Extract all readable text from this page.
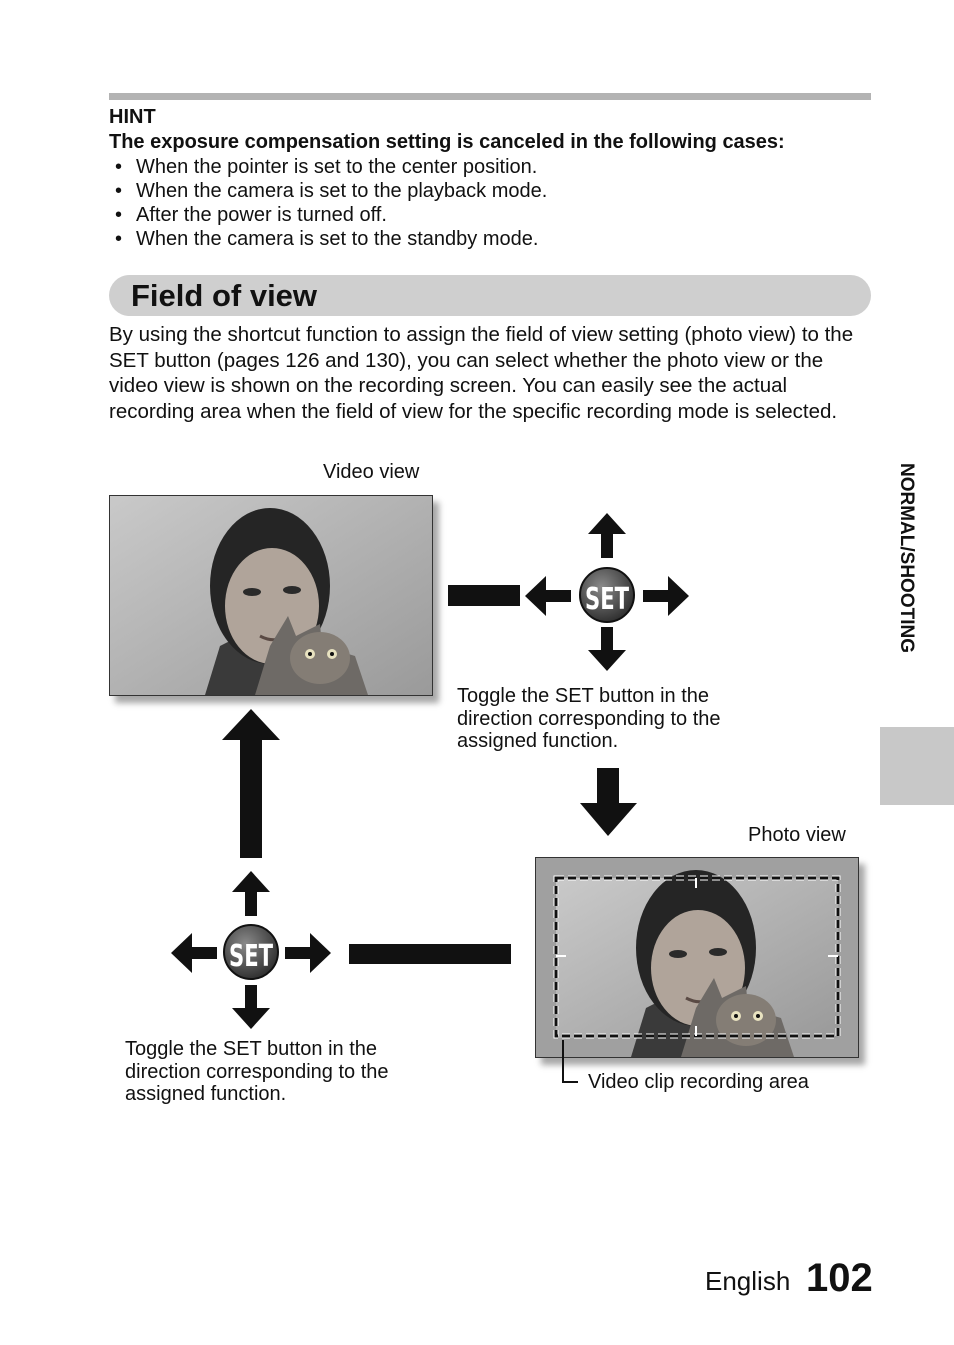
HINT
The exposure compensation setting is canceled in the following cases:
• When the pointer is set to the center position.
• When the camera is set to the playback mode.
• After the power is turned off.
• When the camera is set to the standby mode.
Field of view

By using the shortcut function to assign the field of view setting (photo view) to the SET button (pages 126 and 130), you can select whether the photo view or the video view is shown on the recording screen. You can easily see the actual recording area when the field of view for the specific recording mode is selected.

Video view
Photo view

Toggle the SET button in the direction corresponding to the assigned function.

Toggle the SET button in the direction corresponding to the assigned function.

Video clip recording area
SET
SET
NORMAL/SHOOTING
English 102
